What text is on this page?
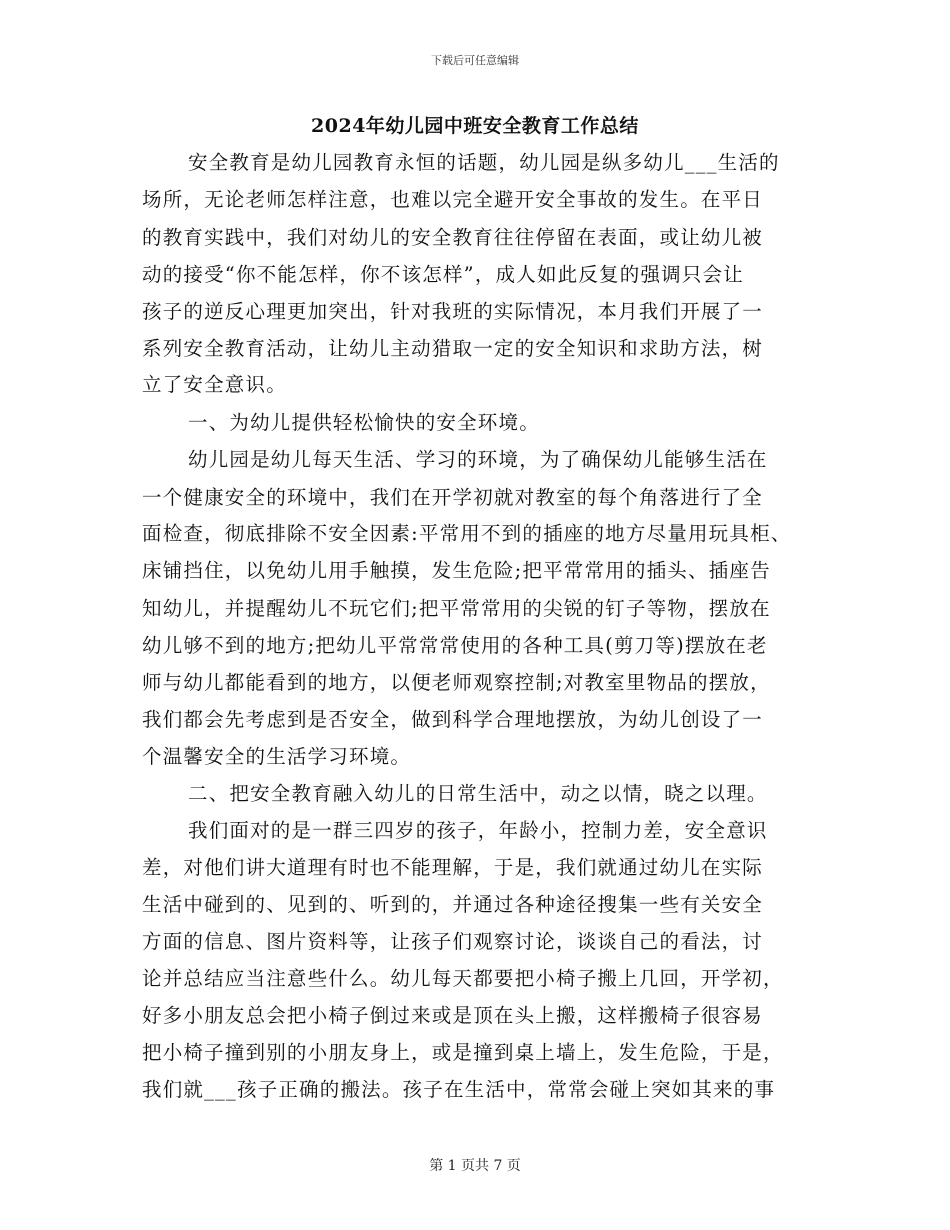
下载后可任意编辑
2024年幼儿园中班安全教育工作总结
安全教育是幼儿园教育永恒的话题，幼儿园是纵多幼儿___生活的
场所，无论老师怎样注意，也难以完全避开安全事故的发生。在平日
的教育实践中，我们对幼儿的安全教育往往停留在表面，或让幼儿被
动的接受“你不能怎样，你不该怎样”，成人如此反复的强调只会让
孩子的逆反心理更加突出，针对我班的实际情况，本月我们开展了一
系列安全教育活动，让幼儿主动猎取一定的安全知识和求助方法，树
立了安全意识。
一、为幼儿提供轻松愉快的安全环境。
幼儿园是幼儿每天生活、学习的环境，为了确保幼儿能够生活在
一个健康安全的环境中，我们在开学初就对教室的每个角落进行了全
面检查，彻底排除不安全因素:平常用不到的插座的地方尽量用玩具柜、
床铺挡住，以免幼儿用手触摸，发生危险;把平常常用的插头、插座告
知幼儿，并提醒幼儿不玩它们;把平常常用的尖锐的钉子等物，摆放在
幼儿够不到的地方;把幼儿平常常常使用的各种工具(剪刀等)摆放在老
师与幼儿都能看到的地方，以便老师观察控制;对教室里物品的摆放，
我们都会先考虑到是否安全，做到科学合理地摆放，为幼儿创设了一
个温馨安全的生活学习环境。
二、把安全教育融入幼儿的日常生活中，动之以情，晓之以理。
我们面对的是一群三四岁的孩子，年龄小，控制力差，安全意识
差，对他们讲大道理有时也不能理解，于是，我们就通过幼儿在实际
生活中碰到的、见到的、听到的，并通过各种途径搜集一些有关安全
方面的信息、图片资料等，让孩子们观察讨论，谈谈自己的看法，讨
论并总结应当注意些什么。幼儿每天都要把小椅子搬上几回，开学初，
好多小朋友总会把小椅子倒过来或是顶在头上搬，这样搬椅子很容易
把小椅子撞到别的小朋友身上，或是撞到桌上墙上，发生危险，于是，
我们就___孩子正确的搬法。孩子在生活中，常常会碰上突如其来的事
第 1 页共 7 页
